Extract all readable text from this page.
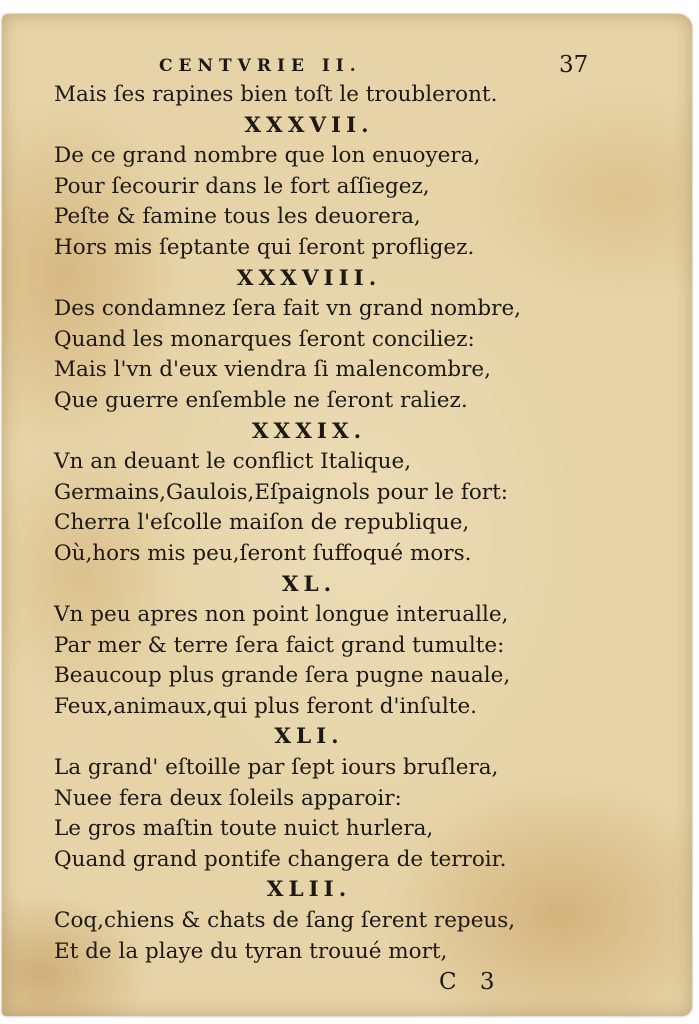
CENTVRIE II.	37
Mais ſes rapines bien toſt le troubleront.
XXXVII.
De ce grand nombre que lon enuoyera,
Pour ſecourir dans le fort aſſiegez,
Peſte & famine tous les deuorera,
Hors mis ſeptante qui ſeront profligez.
XXXVIII.
Des condamnez ſera fait vn grand nombre,
Quand les monarques ſeront conciliez:
Mais l'vn d'eux viendra ſi malencombre,
Que guerre enſemble ne ſeront raliez.
XXXIX.
Vn an deuant le conflict Italique,
Germains,Gaulois,Eſpaignols pour le fort:
Cherra l'eſcolle maiſon de republique,
Où,hors mis peu,ſeront ſuffoqué mors.
XL.
Vn peu apres non point longue interualle,
Par mer & terre ſera faict grand tumulte:
Beaucoup plus grande ſera pugne nauale,
Feux,animaux,qui plus feront d'inſulte.
XLI.
La grand' eſtoille par ſept iours bruſlera,
Nuee fera deux ſoleils apparoir:
Le gros maſtin toute nuict hurlera,
Quand grand pontife changera de terroir.
XLII.
Coq,chiens & chats de ſang ſerent repeus,
Et de la playe du tyran trouué mort,
C 3
